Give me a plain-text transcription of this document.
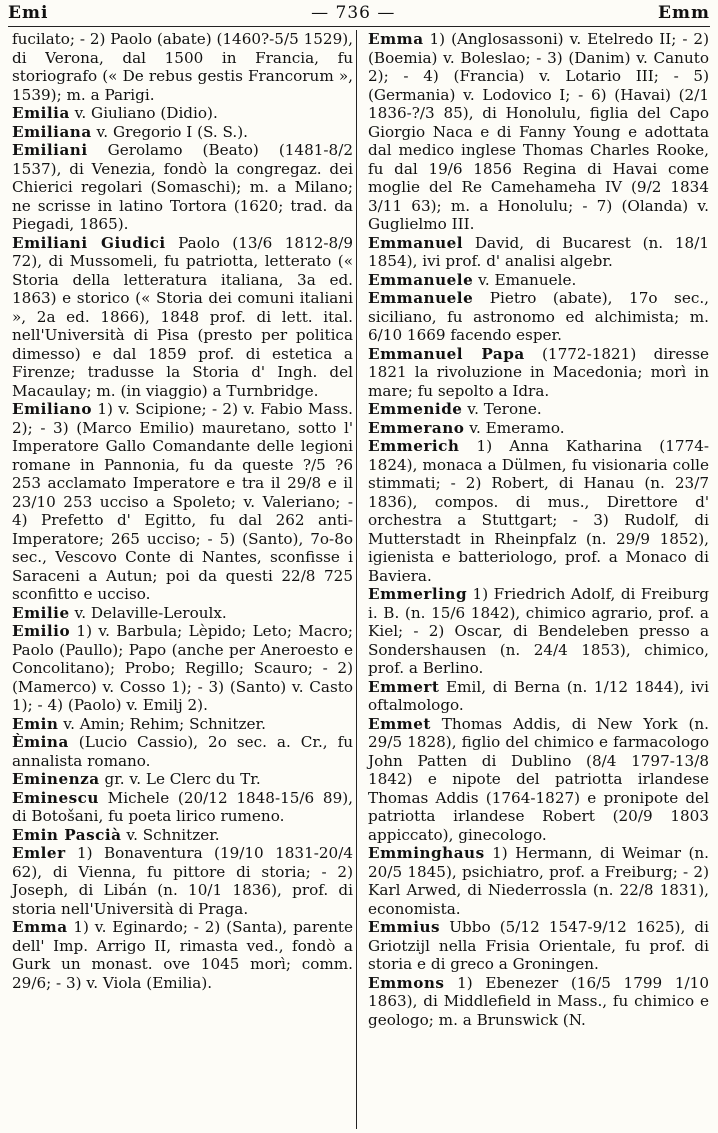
Emi	— 736 —	Emm
fucilato; - 2) Paolo (abate) (1460?-5/5 1529), di Verona, dal 1500 in Francia, fu storiografo (« De rebus gestis Francorum », 1539); m. a Parigi.
Emilia v. Giuliano (Didio).
Emiliana v. Gregorio I (S. S.).
Emiliani Gerolamo (Beato) (1481-8/2 1537), di Venezia, fondò la congregaz. dei Chierici regolari (Somaschi); m. a Milano; ne scrisse in latino Tortora (1620; trad. da Piegadi, 1865).
Emiliani Giudici Paolo (13/6 1812-8/9 72), di Mussomeli, fu patriotta, letterato (« Storia della letteratura italiana, 3a ed. 1863) e storico (« Storia dei comuni italiani », 2a ed. 1866), 1848 prof. di lett. ital. nell'Università di Pisa (presto per politica dimesso) e dal 1859 prof. di estetica a Firenze; tradusse la Storia d' Ingh. del Macaulay; m. (in viaggio) a Turnbridge.
Emiliano 1) v. Scipione; - 2) v. Fabio Mass. 2); - 3) (Marco Emilio) mauretano, sotto l' Imperatore Gallo Comandante delle legioni romane in Pannonia, fu da queste ?/5 ?6 253 acclamato Imperatore e tra il 29/8 e il 23/10 253 ucciso a Spoleto; v. Valeriano; - 4) Prefetto d' Egitto, fu dal 262 anti-Imperatore; 265 ucciso; - 5) (Santo), 7o-8o sec., Vescovo Conte di Nantes, sconfisse i Saraceni a Autun; poi da questi 22/8 725 sconfitto e ucciso.
Emilie v. Delaville-Leroulx.
Emilio 1) v. Barbula; Lèpido; Leto; Macro; Paolo (Paullo); Papo (anche per Aneroesto e Concolitano); Probo; Regillo; Scauro; - 2) (Mamerco) v. Cosso 1); - 3) (Santo) v. Casto 1); - 4) (Paolo) v. Emilj 2).
Emin v. Amin; Rehim; Schnitzer.
Èmina (Lucio Cassio), 2o sec. a. Cr., fu annalista romano.
Eminenza gr. v. Le Clerc du Tr.
Eminescu Michele (20/12 1848-15/6 89), di Botošani, fu poeta lirico rumeno.
Emin Pascià v. Schnitzer.
Emler 1) Bonaventura (19/10 1831-20/4 62), di Vienna, fu pittore di storia; - 2) Joseph, di Libán (n. 10/1 1836), prof. di storia nell'Università di Praga.
Emma 1) v. Eginardo; - 2) (Santa), parente dell' Imp. Arrigo II, rimasta ved., fondò a Gurk un monast. ove 1045 morì; comm. 29/6; - 3) v. Viola (Emilia).
Emma 1) (Anglosassoni) v. Etelredo II; - 2) (Boemia) v. Boleslao; - 3) (Danim) v. Canuto 2); - 4) (Francia) v. Lotario III; - 5) (Germania) v. Lodovico I; - 6) (Havai) (2/1 1836-?/3 85), di Honolulu, figlia del Capo Giorgio Naca e di Fanny Young e adottata dal medico inglese Thomas Charles Rooke, fu dal 19/6 1856 Regina di Havai come moglie del Re Camehameha IV (9/2 1834 3/11 63); m. a Honolulu; - 7) (Olanda) v. Guglielmo III.
Emmanuel David, di Bucarest (n. 18/1 1854), ivi prof. d' analisi algebr.
Emmanuele v. Emanuele.
Emmanuele Pietro (abate), 17o sec., siciliano, fu astronomo ed alchimista; m. 6/10 1669 facendo esper.
Emmanuel Papa (1772-1821) diresse 1821 la rivoluzione in Macedonia; morì in mare; fu sepolto a Idra.
Emmenide v. Terone.
Emmerano v. Emeramo.
Emmerich 1) Anna Katharina (1774-1824), monaca a Dülmen, fu visionaria colle stimmati; - 2) Robert, di Hanau (n. 23/7 1836), compos. di mus., Direttore d' orchestra a Stuttgart; - 3) Rudolf, di Mutterstadt in Rheinpfalz (n. 29/9 1852), igienista e batteriologo, prof. a Monaco di Baviera.
Emmerling 1) Friedrich Adolf, di Freiburg i. B. (n. 15/6 1842), chimico agrario, prof. a Kiel; - 2) Oscar, di Bendeleben presso a Sondershausen (n. 24/4 1853), chimico, prof. a Berlino.
Emmert Emil, di Berna (n. 1/12 1844), ivi oftalmologo.
Emmet Thomas Addis, di New York (n. 29/5 1828), figlio del chimico e farmacologo John Patten di Dublino (8/4 1797-13/8 1842) e nipote del patriotta irlandese Thomas Addis (1764-1827) e pronipote del patriotta irlandese Robert (20/9 1803 appiccato), ginecologo.
Emminghaus 1) Hermann, di Weimar (n. 20/5 1845), psichiatro, prof. a Freiburg; - 2) Karl Arwed, di Niederrossla (n. 22/8 1831), economista.
Emmius Ubbo (5/12 1547-9/12 1625), di Griotzijl nella Frisia Orientale, fu prof. di storia e di greco a Groningen.
Emmons 1) Ebenezer (16/5 1799 1/10 1863), di Middlefield in Mass., fu chimico e geologo; m. a Brunswick (N.
